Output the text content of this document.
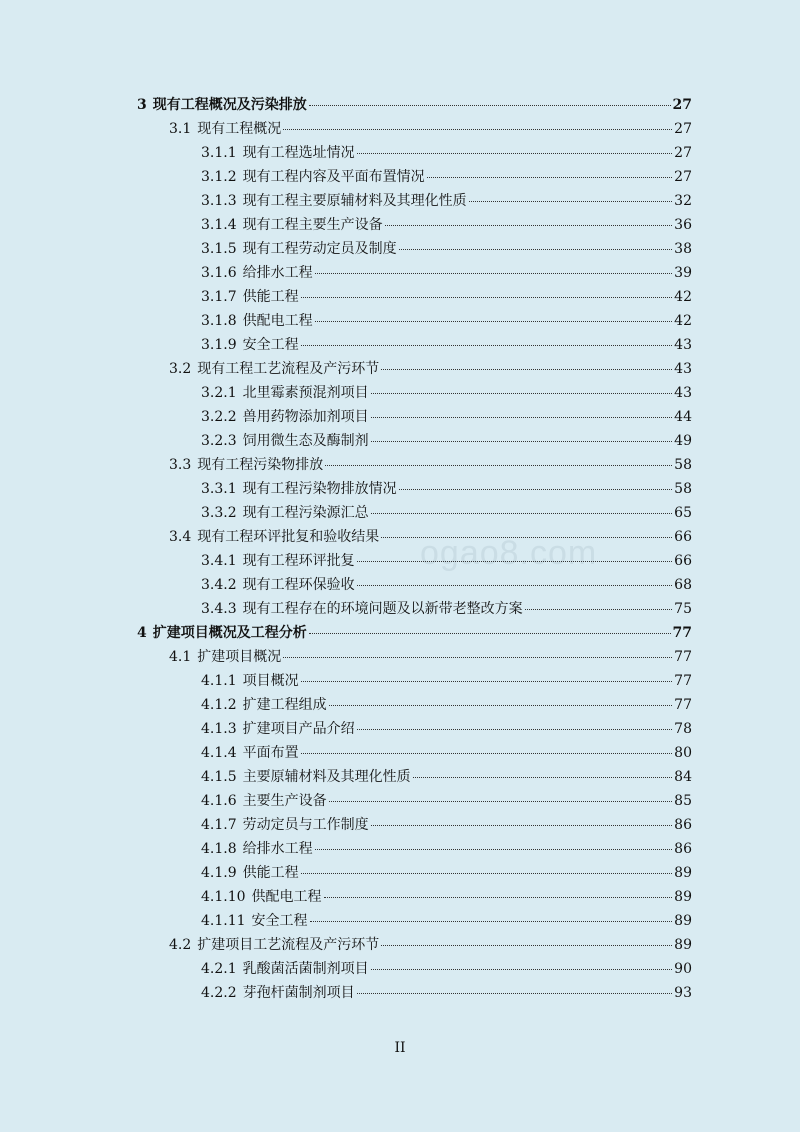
ogao8.com
3 现有工程概况及污染排放	27
3.1 现有工程概况	27
3.1.1 现有工程选址情况	27
3.1.2 现有工程内容及平面布置情况	27
3.1.3 现有工程主要原辅材料及其理化性质	32
3.1.4 现有工程主要生产设备	36
3.1.5 现有工程劳动定员及制度	38
3.1.6 给排水工程	39
3.1.7 供能工程	42
3.1.8 供配电工程	42
3.1.9 安全工程	43
3.2 现有工程工艺流程及产污环节	43
3.2.1 北里霉素预混剂项目	43
3.2.2 兽用药物添加剂项目	44
3.2.3 饲用微生态及酶制剂	49
3.3 现有工程污染物排放	58
3.3.1 现有工程污染物排放情况	58
3.3.2 现有工程污染源汇总	65
3.4 现有工程环评批复和验收结果	66
3.4.1 现有工程环评批复	66
3.4.2 现有工程环保验收	68
3.4.3 现有工程存在的环境问题及以新带老整改方案	75
4 扩建项目概况及工程分析	77
4.1 扩建项目概况	77
4.1.1 项目概况	77
4.1.2 扩建工程组成	77
4.1.3 扩建项目产品介绍	78
4.1.4 平面布置	80
4.1.5 主要原辅材料及其理化性质	84
4.1.6 主要生产设备	85
4.1.7 劳动定员与工作制度	86
4.1.8 给排水工程	86
4.1.9 供能工程	89
4.1.10 供配电工程	89
4.1.11 安全工程	89
4.2 扩建项目工艺流程及产污环节	89
4.2.1 乳酸菌活菌制剂项目	90
4.2.2 芽孢杆菌制剂项目	93
II
